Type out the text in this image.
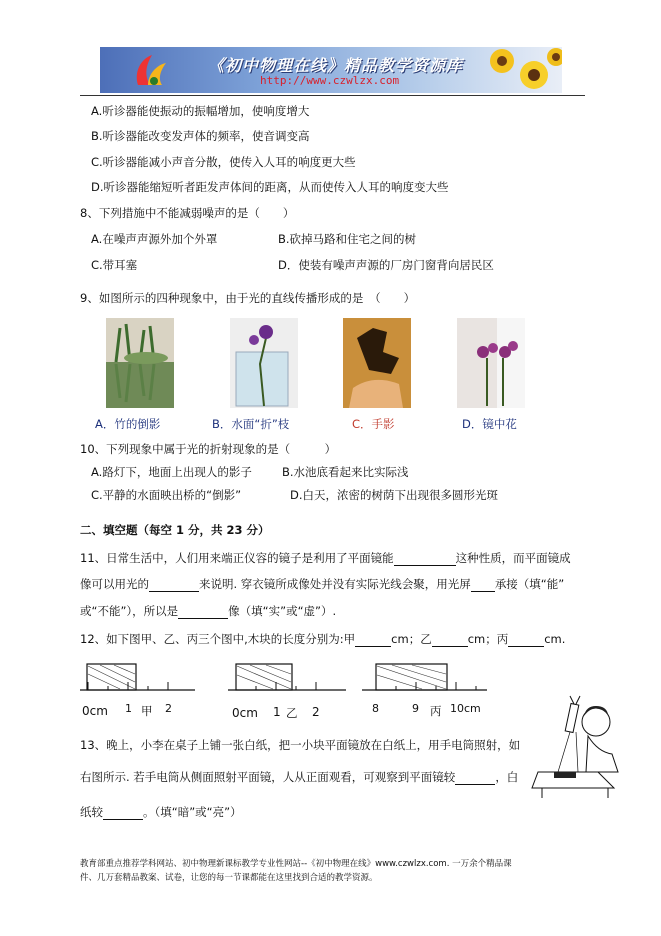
《初中物理在线》精品教学资源库
http://www.czwlzx.com
A.听诊器能使振动的振幅增加，使响度增大
B.听诊器能改变发声体的频率，使音调变高
C.听诊器能减小声音分散，使传入人耳的响度更大些
D.听诊器能缩短听者距发声体间的距离，从而使传入人耳的响度变大些
8、下列措施中不能减弱噪声的是（　　）
A.在噪声声源外加个外罩	B.砍掉马路和住宅之间的树
C.带耳塞	D．使装有噪声声源的厂房门窗背向居民区
9、如图所示的四种现象中，由于光的直线传播形成的是　（　　）
A．竹的倒影	B．水面“折”枝	C．手影	D．镜中花
10、下列现象中属于光的折射现象的是（　　　）
A.路灯下，地面上出现人的影子	B.水池底看起来比实际浅
C.平静的水面映出桥的“倒影”	D.白天，浓密的树荫下出现很多圆形光斑
二、填空题（每空 1 分，共 23 分）
11、日常生活中，人们用来端正仪容的镜子是利用了平面镜能	这种性质，而平面镜成
像可以用光的	来说明. 穿衣镜所成像处并没有实际光线会聚，用光屏 承接（填“能”
或“不能”），所以是	像（填“实”或“虚”）.
12、如下图甲、乙、丙三个图中,木块的长度分别为:甲	cm；乙	cm；丙	cm.
0cm 1 甲 2	0cm 1 乙 2	8	9 丙 10cm
13、晚上，小李在桌子上铺一张白纸，把一小块平面镜放在白纸上，用手电筒照射，如
右图所示. 若手电筒从侧面照射平面镜，人从正面观看，可观察到平面镜较	，白
纸较	。（填“暗”或“亮”）
教育部重点推荐学科网站、初中物理新课标教学专业性网站--《初中物理在线》www.czwlzx.com. 一万余个精品课
件、几万套精品教案、试卷，让您的每一节课都能在这里找到合适的教学资源。
